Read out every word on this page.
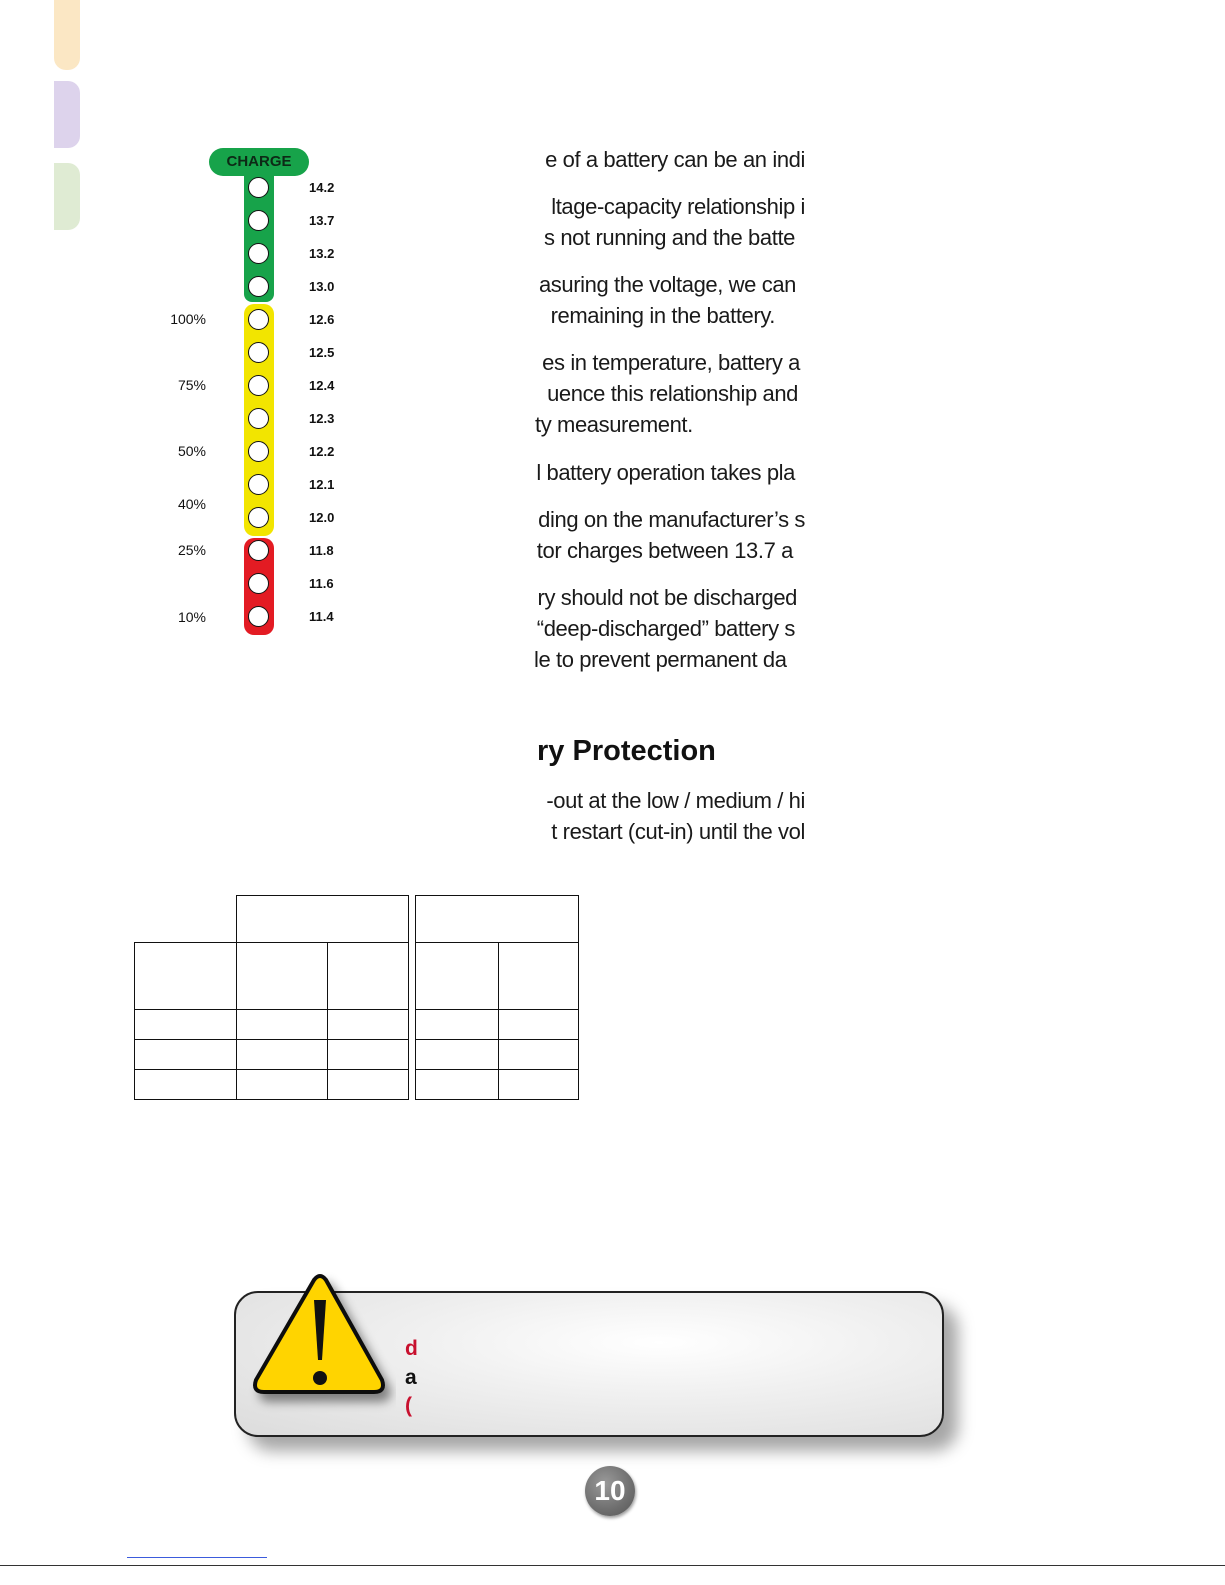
CHARGE
14.2
13.7
13.2
13.0
12.6
12.5
12.4
12.3
12.2
12.1
12.0
11.8
11.6
11.4
100%
75%
50%
40%
25%
10%
e of a battery can be an indi
ltage-capacity relationship i
s not running and the batte
asuring the voltage, we can
remaining in the battery.
es in temperature, battery a
uence this relationship and
ty measurement.
l battery operation takes pla
ding on the manufacturer’s s
tor charges between 13.7 a
ry should not be discharged
“deep-discharged” battery s
le to prevent permanent da
ry Protection
-out at the low / medium / hi
t restart (cut-in) until the vol

d
a
(
10
